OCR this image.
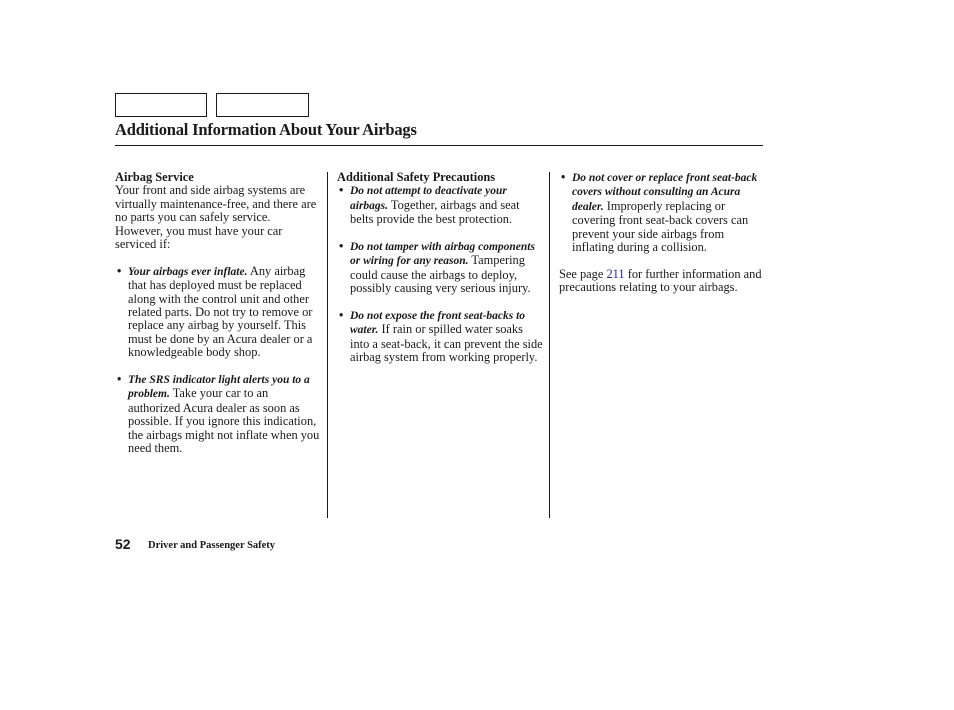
Additional Information About Your Airbags

Airbag Service

Your front and side airbag systems are virtually maintenance-free, and there are no parts you can safely service. However, you must have your car serviced if:

• Your airbags ever inflate. Any airbag that has deployed must be replaced along with the control unit and other related parts. Do not try to remove or replace any airbag by yourself. This must be done by an Acura dealer or a knowledgeable body shop.
• The SRS indicator light alerts you to a problem. Take your car to an authorized Acura dealer as soon as possible. If you ignore this indication, the airbags might not inflate when you need them.

Additional Safety Precautions

• Do not attempt to deactivate your airbags. Together, airbags and seat belts provide the best protection.
• Do not tamper with airbag components or wiring for any reason. Tampering could cause the airbags to deploy, possibly causing very serious injury.
• Do not expose the front seat-backs to water. If rain or spilled water soaks into a seat-back, it can prevent the side airbag system from working properly.
• Do not cover or replace front seat-back covers without consulting an Acura dealer. Improperly replacing or covering front seat-back covers can prevent your side airbags from inflating during a collision.

See page 211 for further information and precautions relating to your airbags.

52 Driver and Passenger Safety
